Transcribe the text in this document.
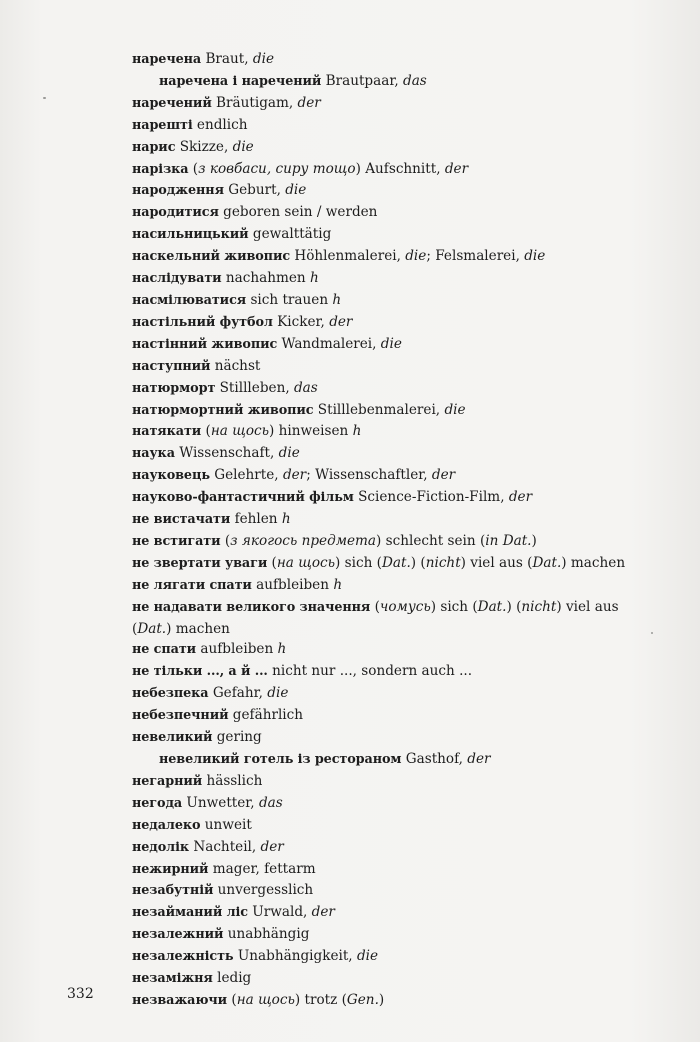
наречена Braut, die
наречена і наречений Brautpaar, das
наречений Bräutigam, der
нарешті endlich
нарис Skizze, die
нарізка (з ковбаси, сиру тощо) Aufschnitt, der
народження Geburt, die
народитися geboren sein / werden
насильницький gewalttätig
наскельний живопис Höhlenmalerei, die; Felsmalerei, die
наслідувати nachahmen h
насмілюватися sich trauen h
настільний футбол Kicker, der
настінний живопис Wandmalerei, die
наступний nächst
натюрморт Stillleben, das
натюрмортний живопис Stilllebenmalerei, die
натякати (на щось) hinweisen h
наука Wissenschaft, die
науковець Gelehrte, der; Wissenschaftler, der
науково-фантастичний фільм Science-Fiction-Film, der
не вистачати fehlen h
не встигати (з якогось предмета) schlecht sein (in Dat.)
не звертати уваги (на щось) sich (Dat.) (nicht) viel aus (Dat.) machen
не лягати спати aufbleiben h
не надавати великого значення (чомусь) sich (Dat.) (nicht) viel aus (Dat.) machen
не спати aufbleiben h
не тільки ..., а й ... nicht nur ..., sondern auch ...
небезпека Gefahr, die
небезпечний gefährlich
невеликий gering
невеликий готель із рестораном Gasthof, der
негарний hässlich
негода Unwetter, das
недалеко unweit
недолік Nachteil, der
нежирний mager, fettarm
незабутній unvergesslich
незайманий ліс Urwald, der
незалежний unabhängig
незалежність Unabhängigkeit, die
незаміжня ledig
незважаючи (на щось) trotz (Gen.)
332
